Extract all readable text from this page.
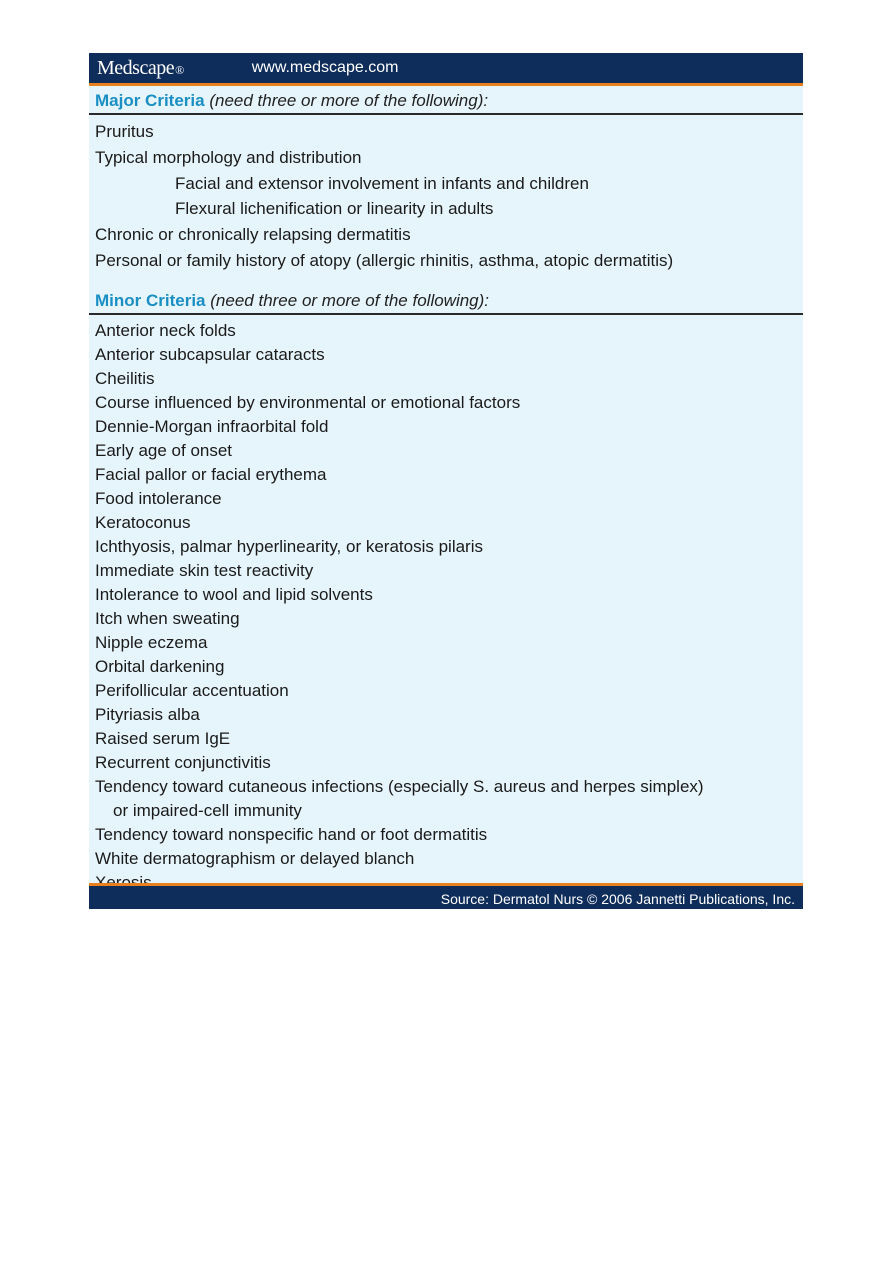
Medscape®	www.medscape.com
Major Criteria (need three or more of the following):
Pruritus
Typical morphology and distribution
Facial and extensor involvement in infants and children
Flexural lichenification or linearity in adults
Chronic or chronically relapsing dermatitis
Personal or family history of atopy (allergic rhinitis, asthma, atopic dermatitis)
Minor Criteria (need three or more of the following):
Anterior neck folds
Anterior subcapsular cataracts
Cheilitis
Course influenced by environmental or emotional factors
Dennie-Morgan infraorbital fold
Early age of onset
Facial pallor or facial erythema
Food intolerance
Keratoconus
Ichthyosis, palmar hyperlinearity, or keratosis pilaris
Immediate skin test reactivity
Intolerance to wool and lipid solvents
Itch when sweating
Nipple eczema
Orbital darkening
Perifollicular accentuation
Pityriasis alba
Raised serum IgE
Recurrent conjunctivitis
Tendency toward cutaneous infections (especially S. aureus and herpes simplex)
or impaired-cell immunity
Tendency toward nonspecific hand or foot dermatitis
White dermatographism or delayed blanch
Source: Dermatol Nurs © 2006 Jannetti Publications, Inc.
